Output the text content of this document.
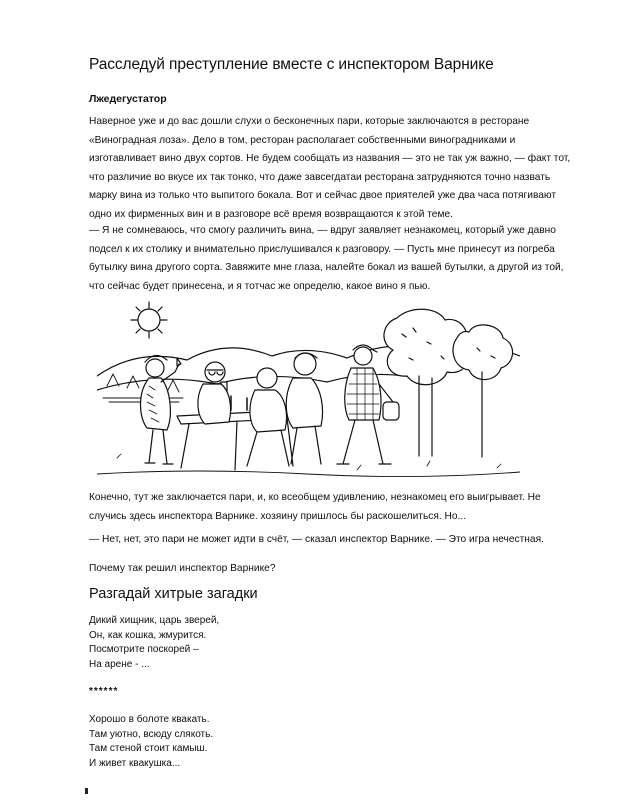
Расследуй преступление вместе с инспектором Варнике
Лжедегустатор
Наверное уже и до вас дошли слухи о бесконечных пари, которые заключаются в ресторане «Виноградная лоза». Дело в том, ресторан располагает собственными виноградниками и изготавливает вино двух сортов. Не будем сообщать из названия — это не так уж важно, — факт тот, что различие во вкусе их так тонко, что даже завсегдатаи ресторана затрудняются точно назвать марку вина из только что выпитого бокала. Вот и сейчас двое приятелей уже два часа потягивают одно их фирменных вин и в разговоре всё время возвращаются к этой теме.
— Я не сомневаюсь, что смогу различить вина, — вдруг заявляет незнакомец, который уже давно подсел к их столику и внимательно прислушивался к разговору. — Пусть мне принесут из погреба бутылку вина другого сорта. Завяжите мне глаза, налейте бокал из вашей бутылки, а другой из той, что сейчас будет принесена, и я тотчас же определю, какое вино я пью.
Конечно, тут же заключается пари, и, ко всеобщем удивлению, незнакомец его выигрывает. Не случись здесь инспектора Варнике. хозяину пришлось бы раскошелиться. Но...
— Нет, нет, это пари не может идти в счёт, — сказал инспектор Варнике. — Это игра нечестная.
Почему так решил инспектор Варнике?
Разгадай хитрые загадки
Дикий хищник, царь зверей,
Он, как кошка, жмурится.
Посмотрите поскорей –
На арене - ...
******
Хорошо в болоте квакать.
Там уютно, всюду слякоть.
Там стеной стоит камыш.
И живет квакушка...
